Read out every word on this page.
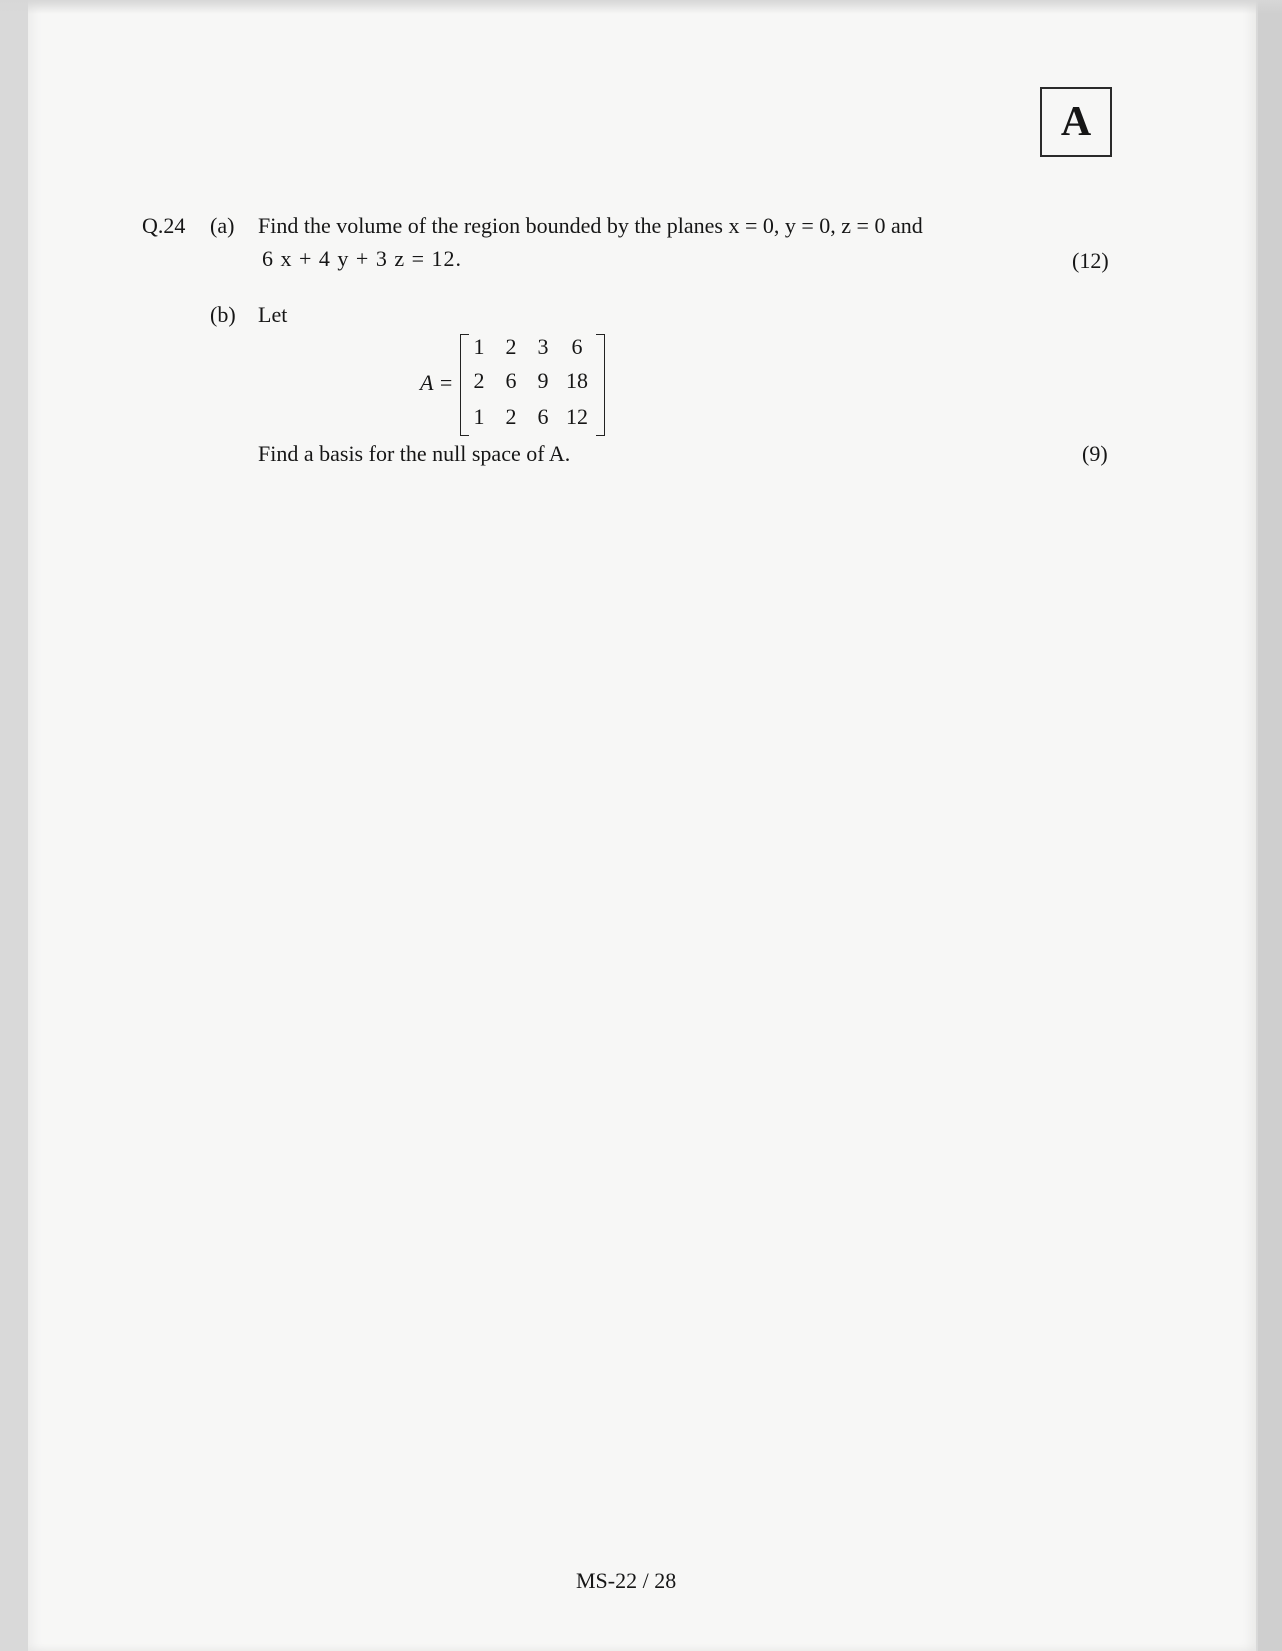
A
Q.24 (a) Find the volume of the region bounded by the planes x = 0, y = 0, z = 0 and
6 x + 4 y + 3 z = 12.	(12)
(b) Let
A =
1 2 3	6
2 6 9 18
1 2 6 12
Find a basis for the null space of A.	(9)
MS-22 / 28
